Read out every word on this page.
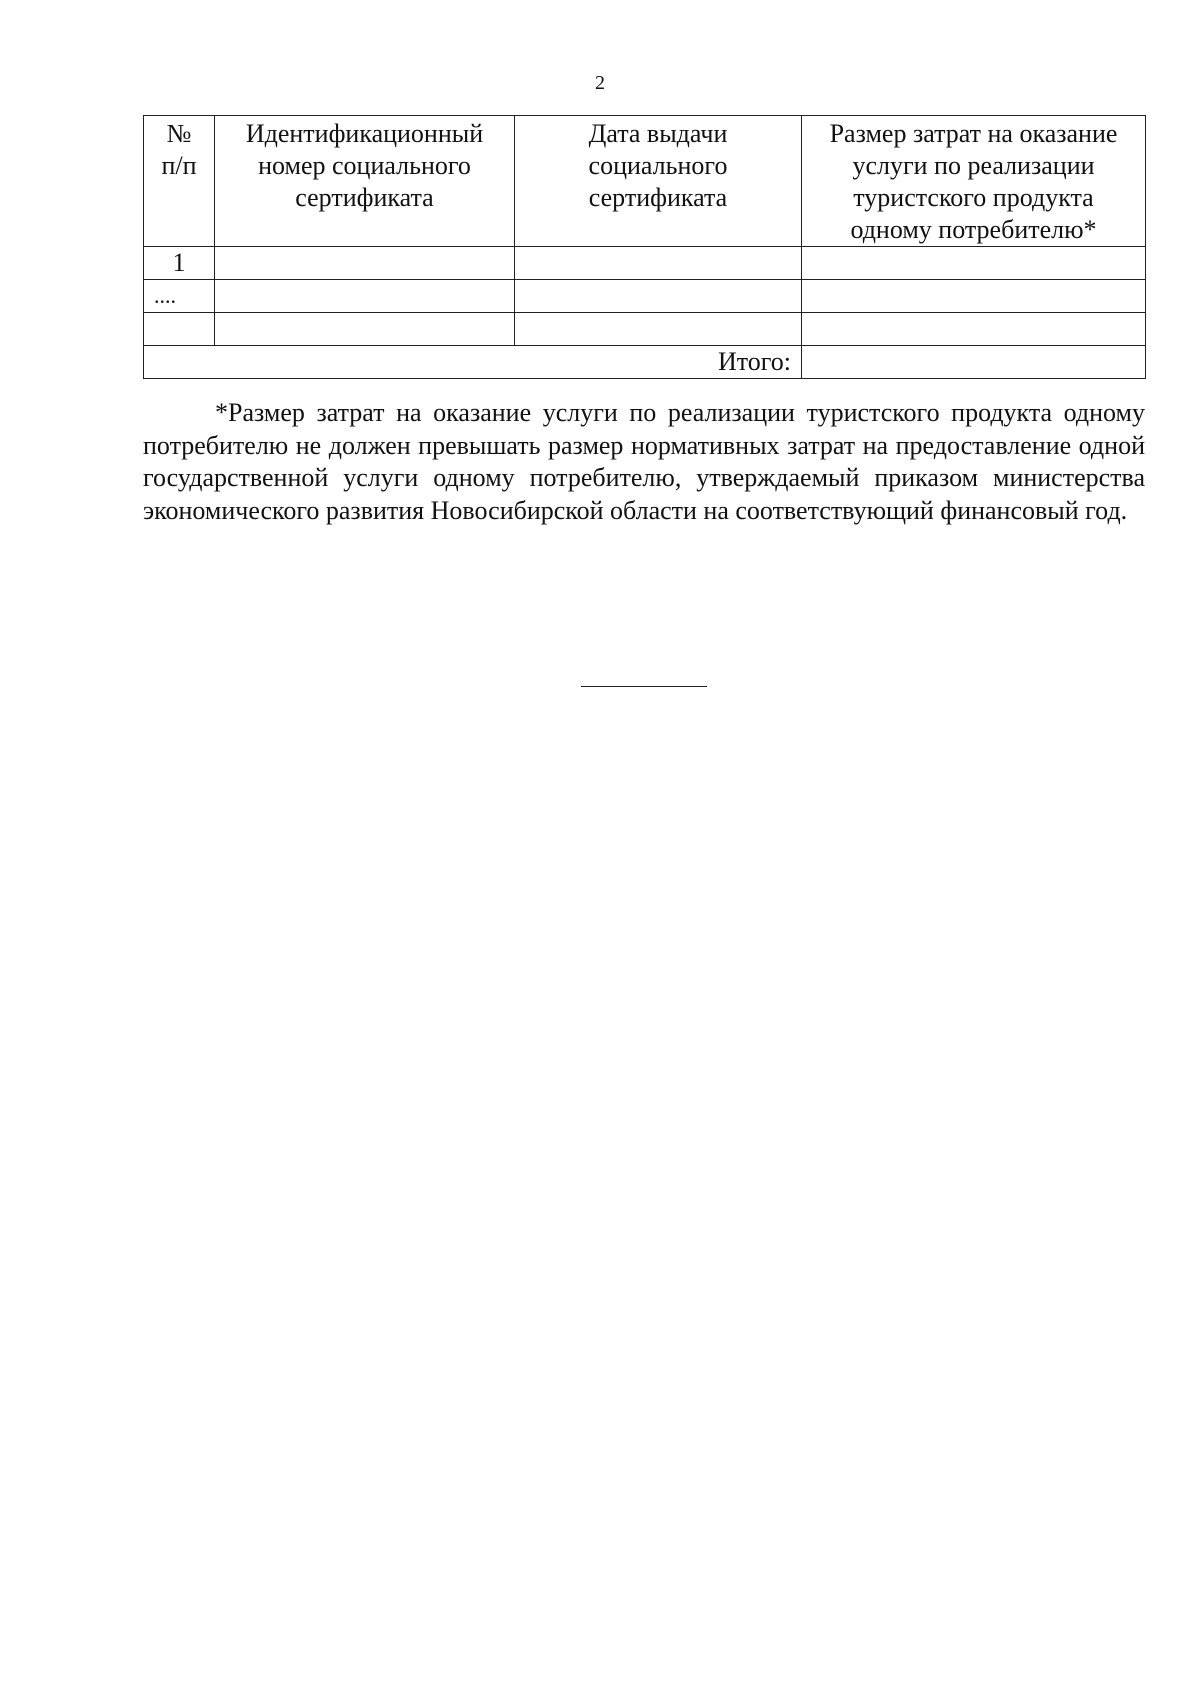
2
№ п/п	Идентификационный номер социального сертификата	Дата выдачи социального сертификата	Размер затрат на оказание услуги по реализации туристского продукта одному потребителю*
1			
....			

Итого:			

*Размер затрат на оказание услуги по реализации туристского продукта одному потребителю не должен превышать размер нормативных затрат на предоставление одной государственной услуги одному потребителю, утверждаемый приказом министерства экономического развития Новосибирской области на соответствующий финансовый год.
